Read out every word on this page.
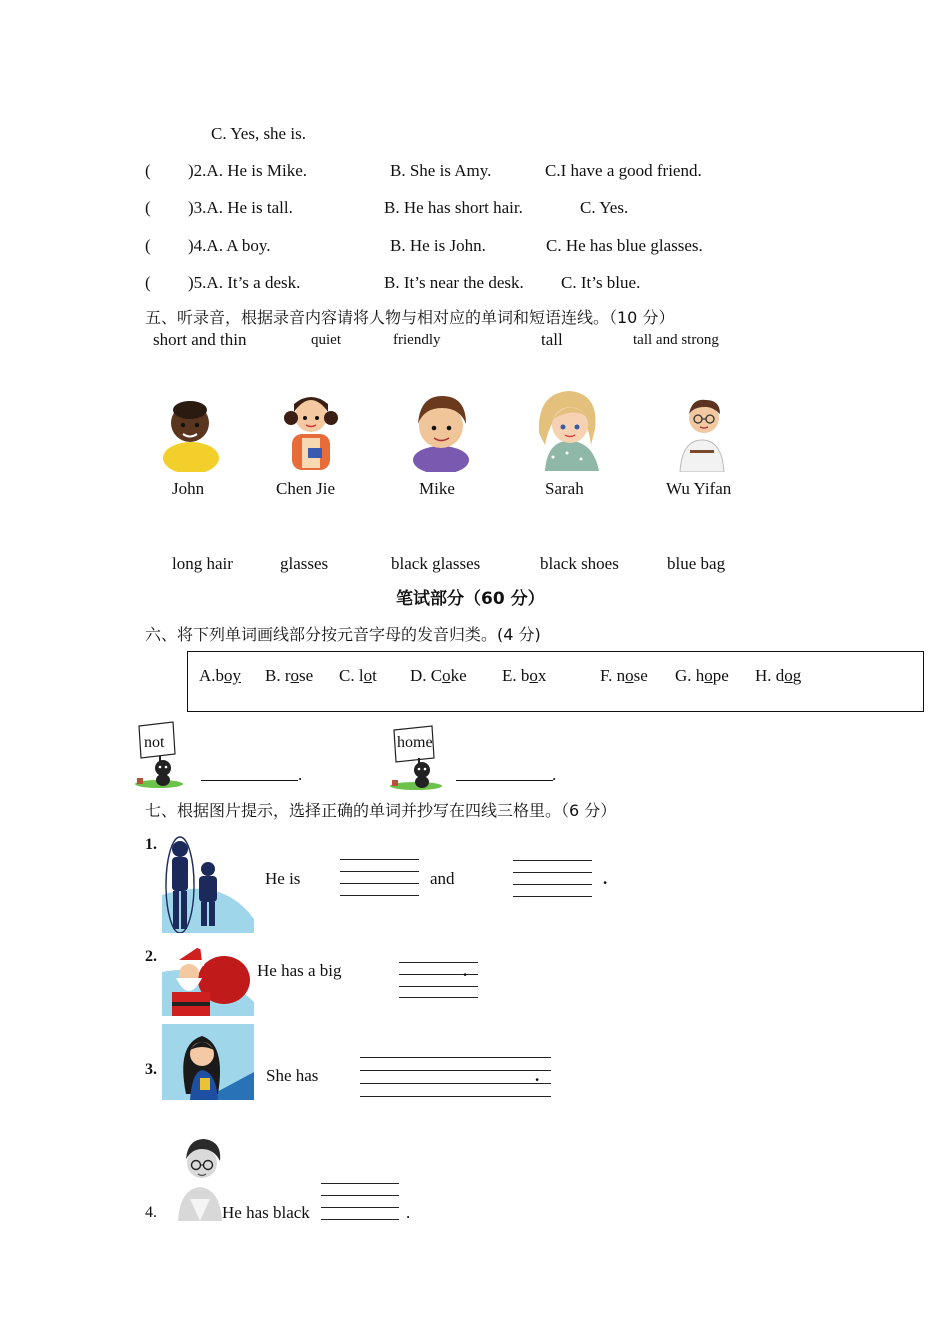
C. Yes, she is.
( )2.A. He is Mike.	B. She is Amy.	C.I have a good friend.
( )3.A. He is tall.	B. He has short hair.	C. Yes.
( )4.A. A boy.	B. He is John.	C. He has blue glasses.
( )5.A. It’s a desk.	B. It’s near the desk. C. It’s blue.
五、听录音，根据录音内容请将人物与相对应的单词和短语连线。（10 分）
short and thin	quiet	friendly	tall	tall and strong
John	Chen Jie	Mike	Sarah	Wu Yifan
long hair	glasses	black glasses	black shoes	blue bag
笔试部分（60 分）
六、将下列单词画线部分按元音字母的发音归类。(4 分)
A.boy B. rose C. lot D. Coke E. box	F. nose G. hope H. dog
not
.
home
.
七、根据图片提示，选择正确的单词并抄写在四线三格里。（6 分）
1.
He is	and	.
2.
He has a big	.
3.	She has	.
4.	He has black	.
